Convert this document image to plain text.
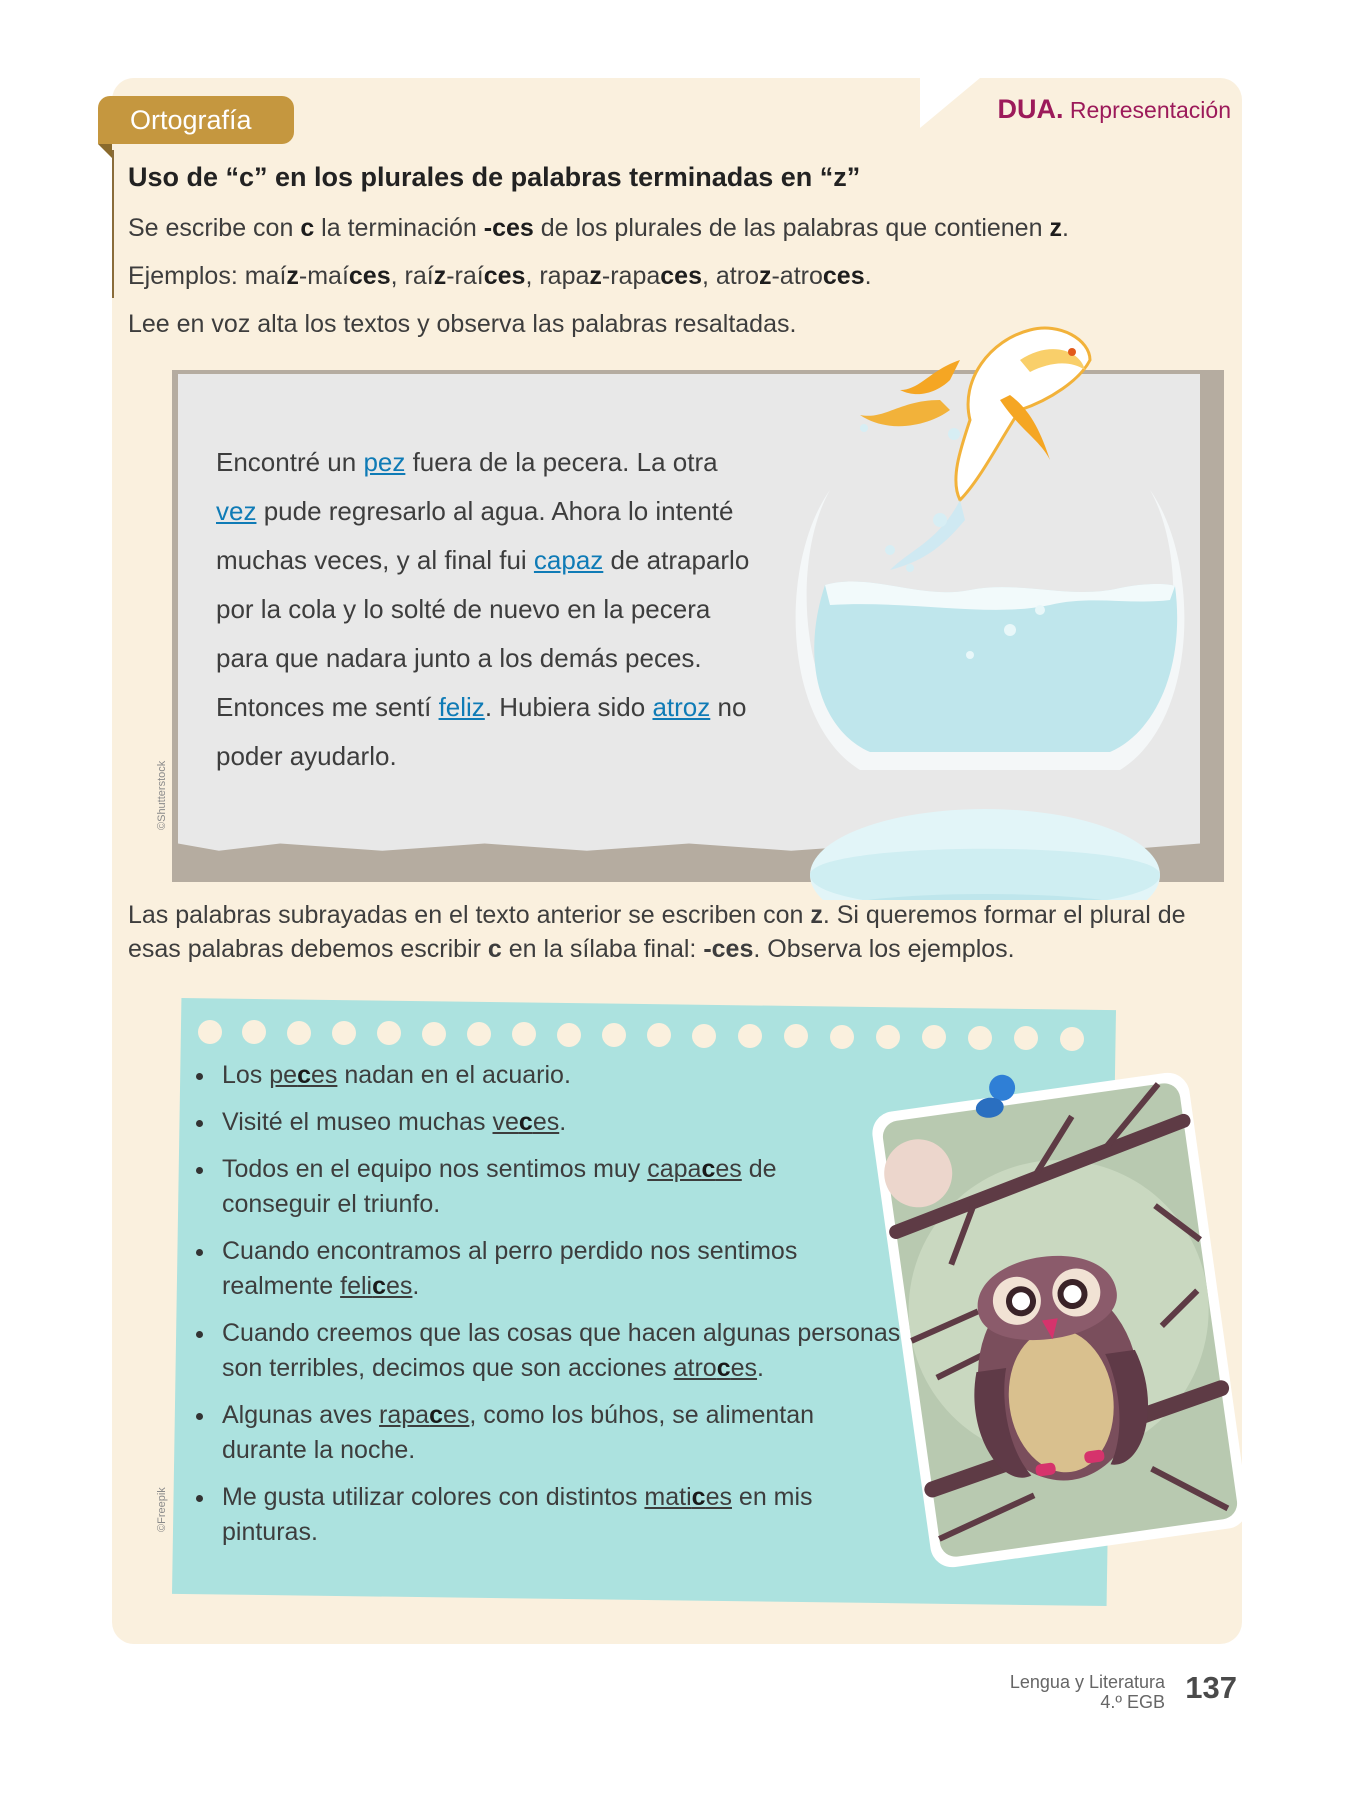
Ortografía	DUA. Representación
Uso de “c” en los plurales de palabras terminadas en “z”
Se escribe con c la terminación -ces de los plurales de las palabras que contienen z.
Ejemplos: maíz-maíces, raíz-raíces, rapaz-rapaces, atroz-atroces.
Lee en voz alta los textos y observa las palabras resaltadas.
Encontré un pez fuera de la pecera. La otra vez pude regresarlo al agua. Ahora lo intenté muchas veces, y al final fui capaz de atraparlo por la cola y lo solté de nuevo en la pecera para que nadara junto a los demás peces. Entonces me sentí feliz. Hubiera sido atroz no poder ayudarlo.
©Shutterstock
Las palabras subrayadas en el texto anterior se escriben con z. Si queremos formar el plural de esas palabras debemos escribir c en la sílaba final: -ces. Observa los ejemplos.
Los peces nadan en el acuario.
Visité el museo muchas veces.
Todos en el equipo nos sentimos muy capaces de conseguir el triunfo.
Cuando encontramos al perro perdido nos sentimos realmente felices.
Cuando creemos que las cosas que hacen algunas personas son terribles, decimos que son acciones atroces.
Algunas aves rapaces, como los búhos, se alimentan durante la noche.
Me gusta utilizar colores con distintos matices en mis pinturas.
©Freepik
Lengua y Literatura
4.º EGB 137
